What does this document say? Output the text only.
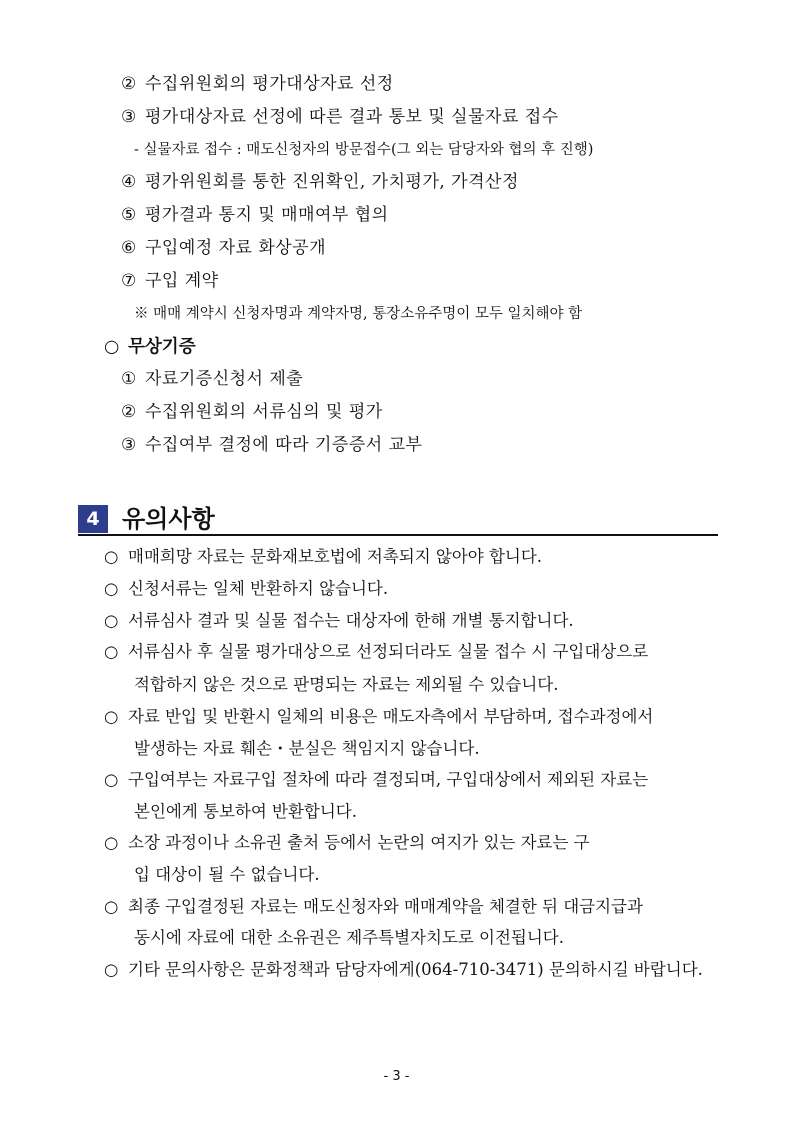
② 수집위원회의 평가대상자료 선정
③ 평가대상자료 선정에 따른 결과 통보 및 실물자료 접수
- 실물자료 접수 : 매도신청자의 방문접수(그 외는 담당자와 협의 후 진행)
④ 평가위원회를 통한 진위확인, 가치평가, 가격산정
⑤ 평가결과 통지 및 매매여부 협의
⑥ 구입예정 자료 화상공개
⑦ 구입 계약
※ 매매 계약시 신청자명과 계약자명, 통장소유주명이 모두 일치해야 함
○ 무상기증
① 자료기증신청서 제출
② 수집위원회의 서류심의 및 평가
③ 수집여부 결정에 따라 기증증서 교부
4 유의사항
○ 매매희망 자료는 문화재보호법에 저촉되지 않아야 합니다.
○ 신청서류는 일체 반환하지 않습니다.
○ 서류심사 결과 및 실물 접수는 대상자에 한해 개별 통지합니다.
○ 서류심사 후 실물 평가대상으로 선정되더라도 실물 접수 시 구입대상으로
적합하지 않은 것으로 판명되는 자료는 제외될 수 있습니다.
○ 자료 반입 및 반환시 일체의 비용은 매도자측에서 부담하며, 접수과정에서
발생하는 자료 훼손・분실은 책임지지 않습니다.
○ 구입여부는 자료구입 절차에 따라 결정되며, 구입대상에서 제외된 자료는
본인에게 통보하여 반환합니다.
○ 소장 과정이나 소유권 출처 등에서 논란의 여지가 있는 자료는 구
입 대상이 될 수 없습니다.
○ 최종 구입결정된 자료는 매도신청자와 매매계약을 체결한 뒤 대금지급과
동시에 자료에 대한 소유권은 제주특별자치도로 이전됩니다.
○ 기타 문의사항은 문화정책과 담당자에게(064-710-3471) 문의하시길 바랍니다.
- 3 -
